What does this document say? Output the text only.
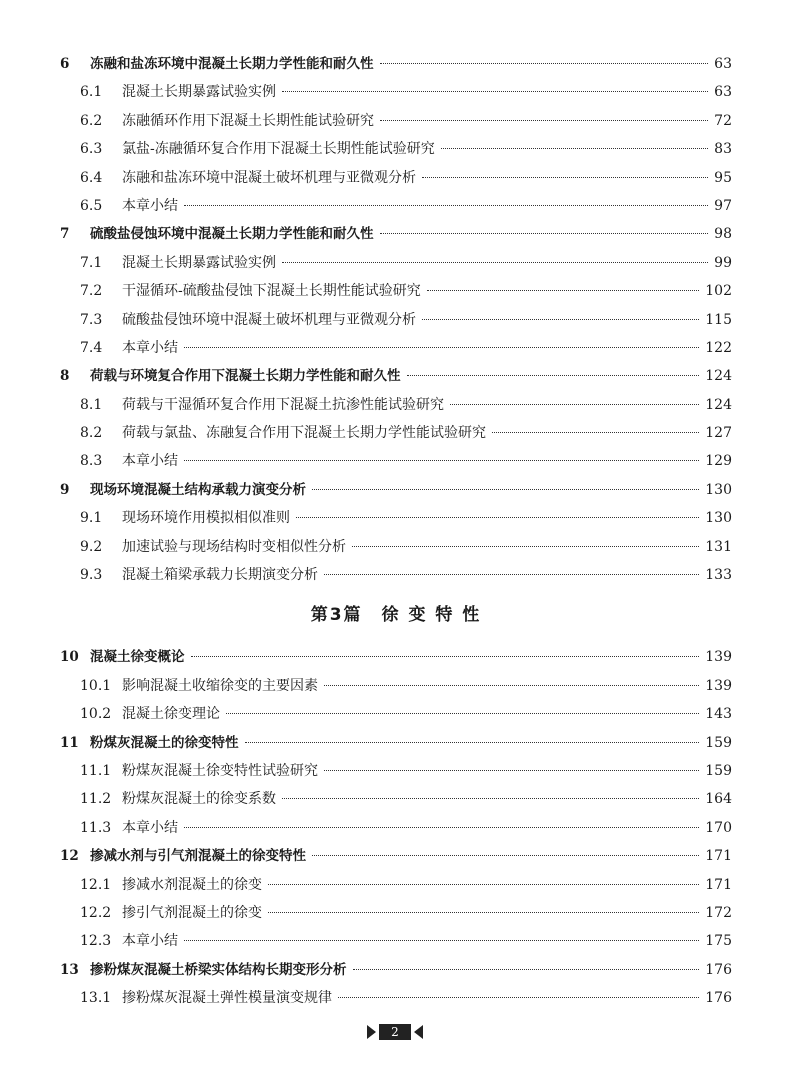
6	冻融和盐冻环境中混凝土长期力学性能和耐久性	63
6.1	混凝土长期暴露试验实例	63
6.2	冻融循环作用下混凝土长期性能试验研究	72
6.3	氯盐-冻融循环复合作用下混凝土长期性能试验研究	83
6.4	冻融和盐冻环境中混凝土破坏机理与亚微观分析	95
6.5	本章小结	97
7	硫酸盐侵蚀环境中混凝土长期力学性能和耐久性	98
7.1	混凝土长期暴露试验实例	99
7.2	干湿循环-硫酸盐侵蚀下混凝土长期性能试验研究	102
7.3	硫酸盐侵蚀环境中混凝土破坏机理与亚微观分析	115
7.4	本章小结	122
8	荷载与环境复合作用下混凝土长期力学性能和耐久性	124
8.1	荷载与干湿循环复合作用下混凝土抗渗性能试验研究	124
8.2	荷载与氯盐、冻融复合作用下混凝土长期力学性能试验研究	127
8.3	本章小结	129
9	现场环境混凝土结构承载力演变分析	130
9.1	现场环境作用模拟相似准则	130
9.2	加速试验与现场结构时变相似性分析	131
9.3	混凝土箱梁承载力长期演变分析	133
第3篇　徐 变 特 性
10 混凝土徐变概论	139
10.1 影响混凝土收缩徐变的主要因素	139
10.2 混凝土徐变理论	143
11 粉煤灰混凝土的徐变特性	159
11.1 粉煤灰混凝土徐变特性试验研究	159
11.2 粉煤灰混凝土的徐变系数	164
11.3 本章小结	170
12 掺减水剂与引气剂混凝土的徐变特性	171
12.1 掺减水剂混凝土的徐变	171
12.2 掺引气剂混凝土的徐变	172
12.3 本章小结	175
13 掺粉煤灰混凝土桥梁实体结构长期变形分析	176
13.1 掺粉煤灰混凝土弹性模量演变规律	176
2
